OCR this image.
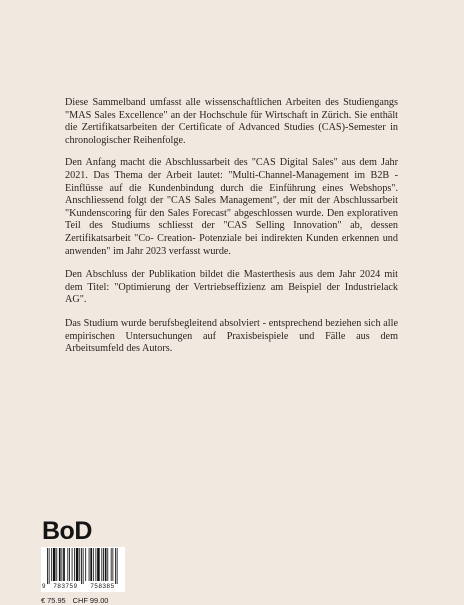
Diese Sammelband umfasst alle wissenschaftlichen Arbeiten des Studiengangs "MAS Sales Excellence" an der Hochschule für Wirtschaft in Zürich. Sie enthält die Zertifikatsarbeiten der Certificate of Advanced Studies (CAS)-Semester in chronologischer Reihenfolge.

Den Anfang macht die Abschlussarbeit des "CAS Digital Sales" aus dem Jahr 2021. Das Thema der Arbeit lautet: "Multi-Channel-Management im B2B - Einflüsse auf die Kundenbindung durch die Einführung eines Webshops". Anschliessend folgt der "CAS Sales Management", der mit der Abschlussarbeit "Kundenscoring für den Sales Forecast" abgeschlossen wurde. Den explorativen Teil des Studiums schliesst der "CAS Selling Innovation" ab, dessen Zertifikatsarbeit "Co- Creation- Potenziale bei indirekten Kunden erkennen und anwenden" im Jahr 2023 verfasst wurde.

Den Abschluss der Publikation bildet die Masterthesis aus dem Jahr 2024 mit dem Titel: "Optimierung der Vertriebseffizienz am Beispiel der Industrielack AG".

Das Studium wurde berufsbegleitend absolviert - entsprechend beziehen sich alle empirischen Untersuchungen auf Praxisbeispiele und Fälle aus dem Arbeitsumfeld des Autors.

BoD
9 783759 758385
€ 75.95 CHF 99.00
